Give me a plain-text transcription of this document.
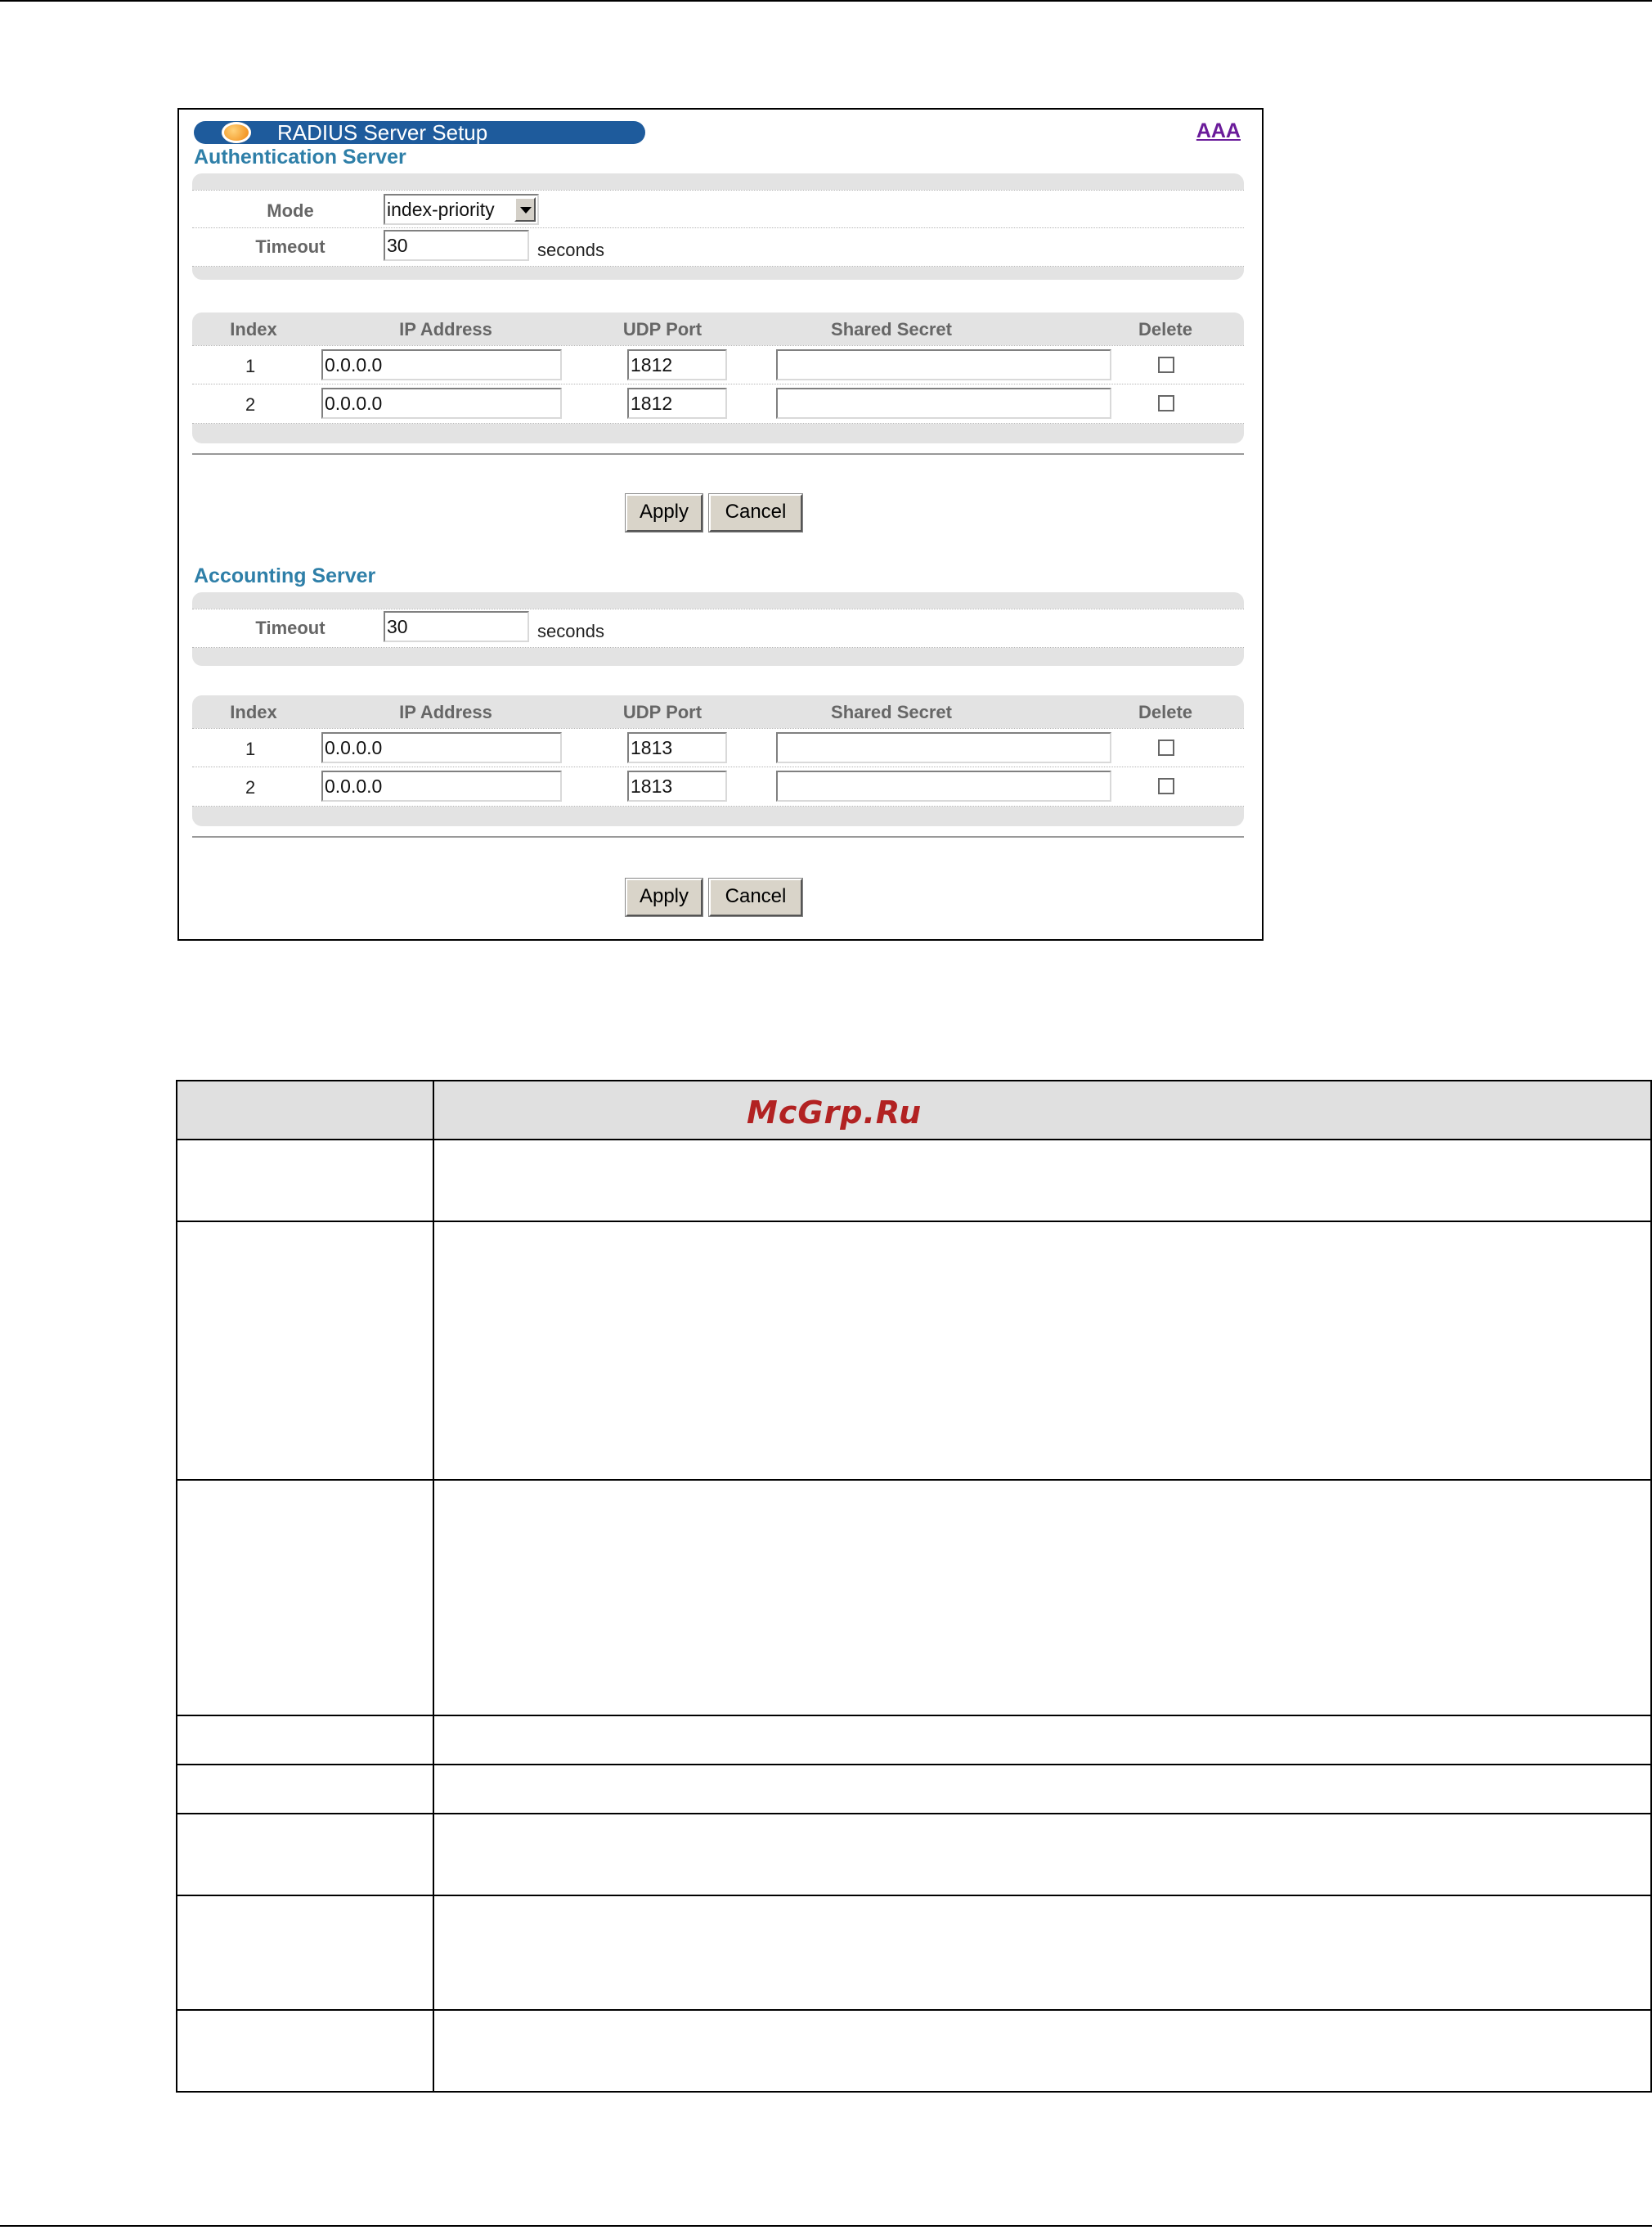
RADIUS Server Setup	AAA
Authentication Server
Mode	index-priority
Timeout	30	seconds
Index	IP Address	UDP Port	Shared Secret	Delete
1	0.0.0.0	1812
2	0.0.0.0	1812
Apply	Cancel
Accounting Server
Timeout	30	seconds
Index	IP Address	UDP Port	Shared Secret	Delete
1	0.0.0.0	1813
2	0.0.0.0	1813
Apply	Cancel

	McGrp.Ru
